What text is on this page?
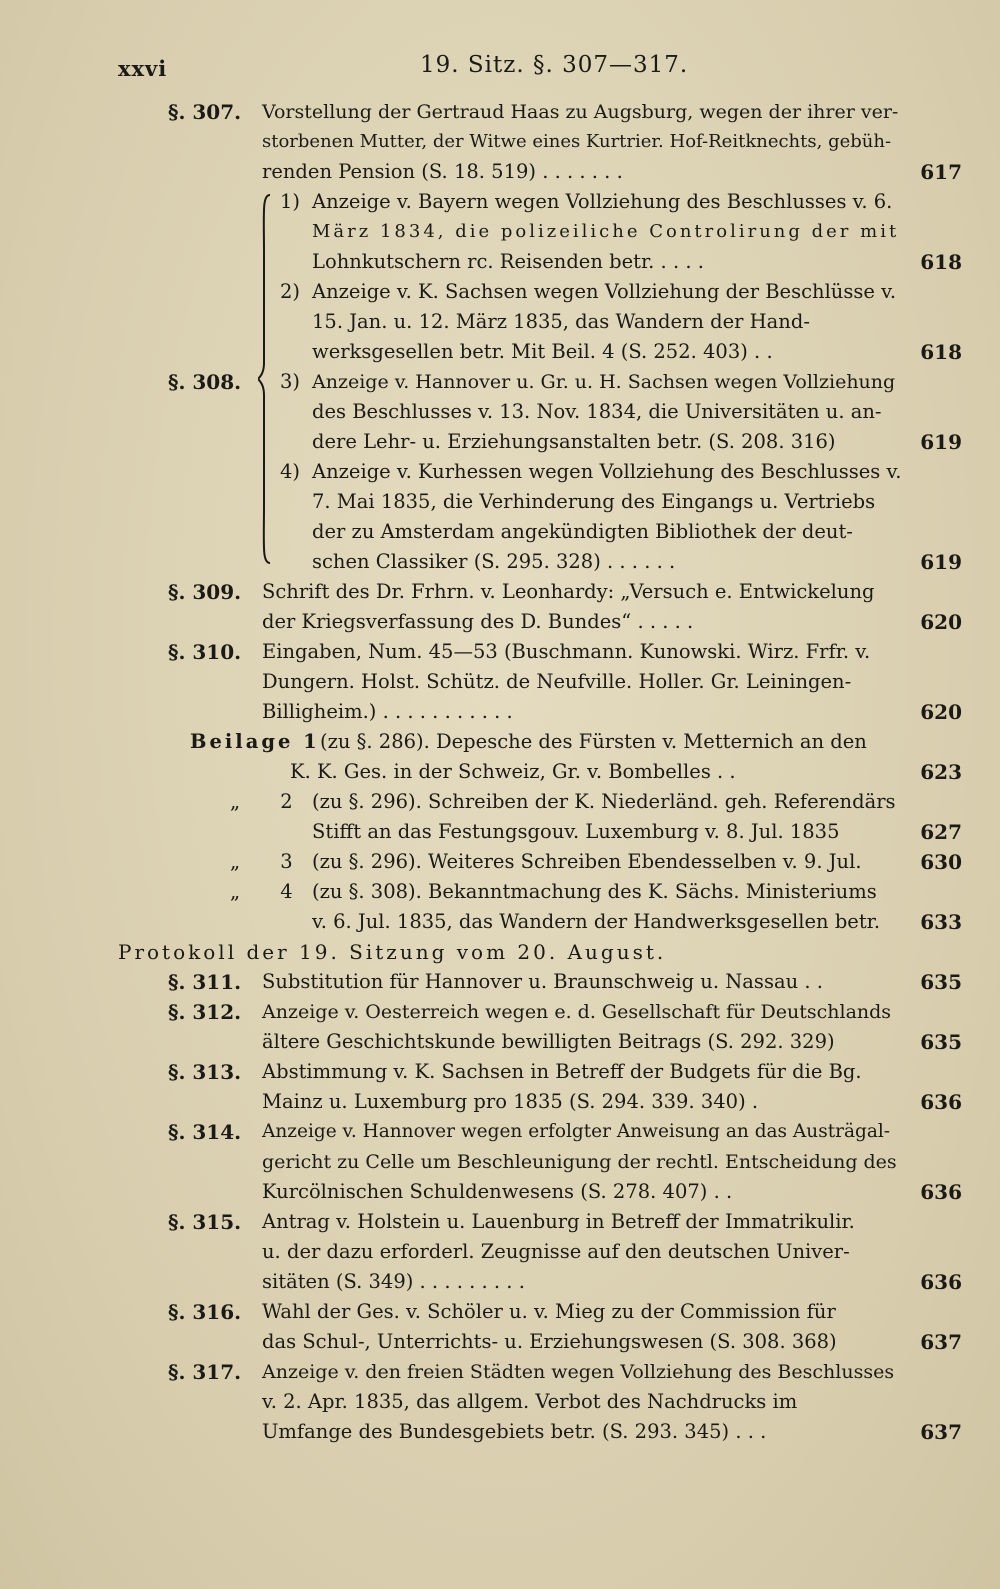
xxvi	19. Sitz. §. 307—317.
§. 307. Vorstellung der Gertraud Haas zu Augsburg, wegen der ihrer ver-
storbenen Mutter, der Witwe eines Kurtrier. Hof-Reitknechts, gebüh-
renden Pension (S. 18. 519) . . . . . . .	617
1) Anzeige v. Bayern wegen Vollziehung des Beschlusses v. 6.
März 1834, die polizeiliche Controlirung der mit
Lohnkutschern rc. Reisenden betr. . . . .	618
2) Anzeige v. K. Sachsen wegen Vollziehung der Beschlüsse v.
15. Jan. u. 12. März 1835, das Wandern der Hand-
werksgesellen betr. Mit Beil. 4 (S. 252. 403) . .	618
§. 308. 3) Anzeige v. Hannover u. Gr. u. H. Sachsen wegen Vollziehung
des Beschlusses v. 13. Nov. 1834, die Universitäten u. an-
dere Lehr- u. Erziehungsanstalten betr. (S. 208. 316)	619
4) Anzeige v. Kurhessen wegen Vollziehung des Beschlusses v.
7. Mai 1835, die Verhinderung des Eingangs u. Vertriebs
der zu Amsterdam angekündigten Bibliothek der deut-
schen Classiker (S. 295. 328) . . . . . .	619
§. 309. Schrift des Dr. Frhrn. v. Leonhardy: „Versuch e. Entwickelung
der Kriegsverfassung des D. Bundes“ . . . . .	620
§. 310. Eingaben, Num. 45—53 (Buschmann. Kunowski. Wirz. Frfr. v.
Dungern. Holst. Schütz. de Neufville. Holler. Gr. Leiningen-
Billigheim.) . . . . . . . . . . .	620
Beilage 1 (zu §. 286). Depesche des Fürsten v. Metternich an den
K. K. Ges. in der Schweiz, Gr. v. Bombelles . .	623
„ 2 (zu §. 296). Schreiben der K. Niederländ. geh. Referendärs
Stifft an das Festungsgouv. Luxemburg v. 8. Jul. 1835	627
„ 3 (zu §. 296). Weiteres Schreiben Ebendesselben v. 9. Jul.	630
„ 4 (zu §. 308). Bekanntmachung des K. Sächs. Ministeriums
v. 6. Jul. 1835, das Wandern der Handwerksgesellen betr. 633
Protokoll der 19. Sitzung vom 20. August.
§. 311. Substitution für Hannover u. Braunschweig u. Nassau . .	635
§. 312. Anzeige v. Oesterreich wegen e. d. Gesellschaft für Deutschlands
ältere Geschichtskunde bewilligten Beitrags (S. 292. 329)	635
§. 313. Abstimmung v. K. Sachsen in Betreff der Budgets für die Bg.
Mainz u. Luxemburg pro 1835 (S. 294. 339. 340) .	636
§. 314. Anzeige v. Hannover wegen erfolgter Anweisung an das Austrägal-
gericht zu Celle um Beschleunigung der rechtl. Entscheidung des
Kurcölnischen Schuldenwesens (S. 278. 407) . .	636
§. 315. Antrag v. Holstein u. Lauenburg in Betreff der Immatrikulir.
u. der dazu erforderl. Zeugnisse auf den deutschen Univer-
sitäten (S. 349) . . . . . . . . .	636
§. 316. Wahl der Ges. v. Schöler u. v. Mieg zu der Commission für
das Schul-, Unterrichts- u. Erziehungswesen (S. 308. 368)	637
§. 317. Anzeige v. den freien Städten wegen Vollziehung des Beschlusses
v. 2. Apr. 1835, das allgem. Verbot des Nachdrucks im
Umfange des Bundesgebiets betr. (S. 293. 345) . . .	637
